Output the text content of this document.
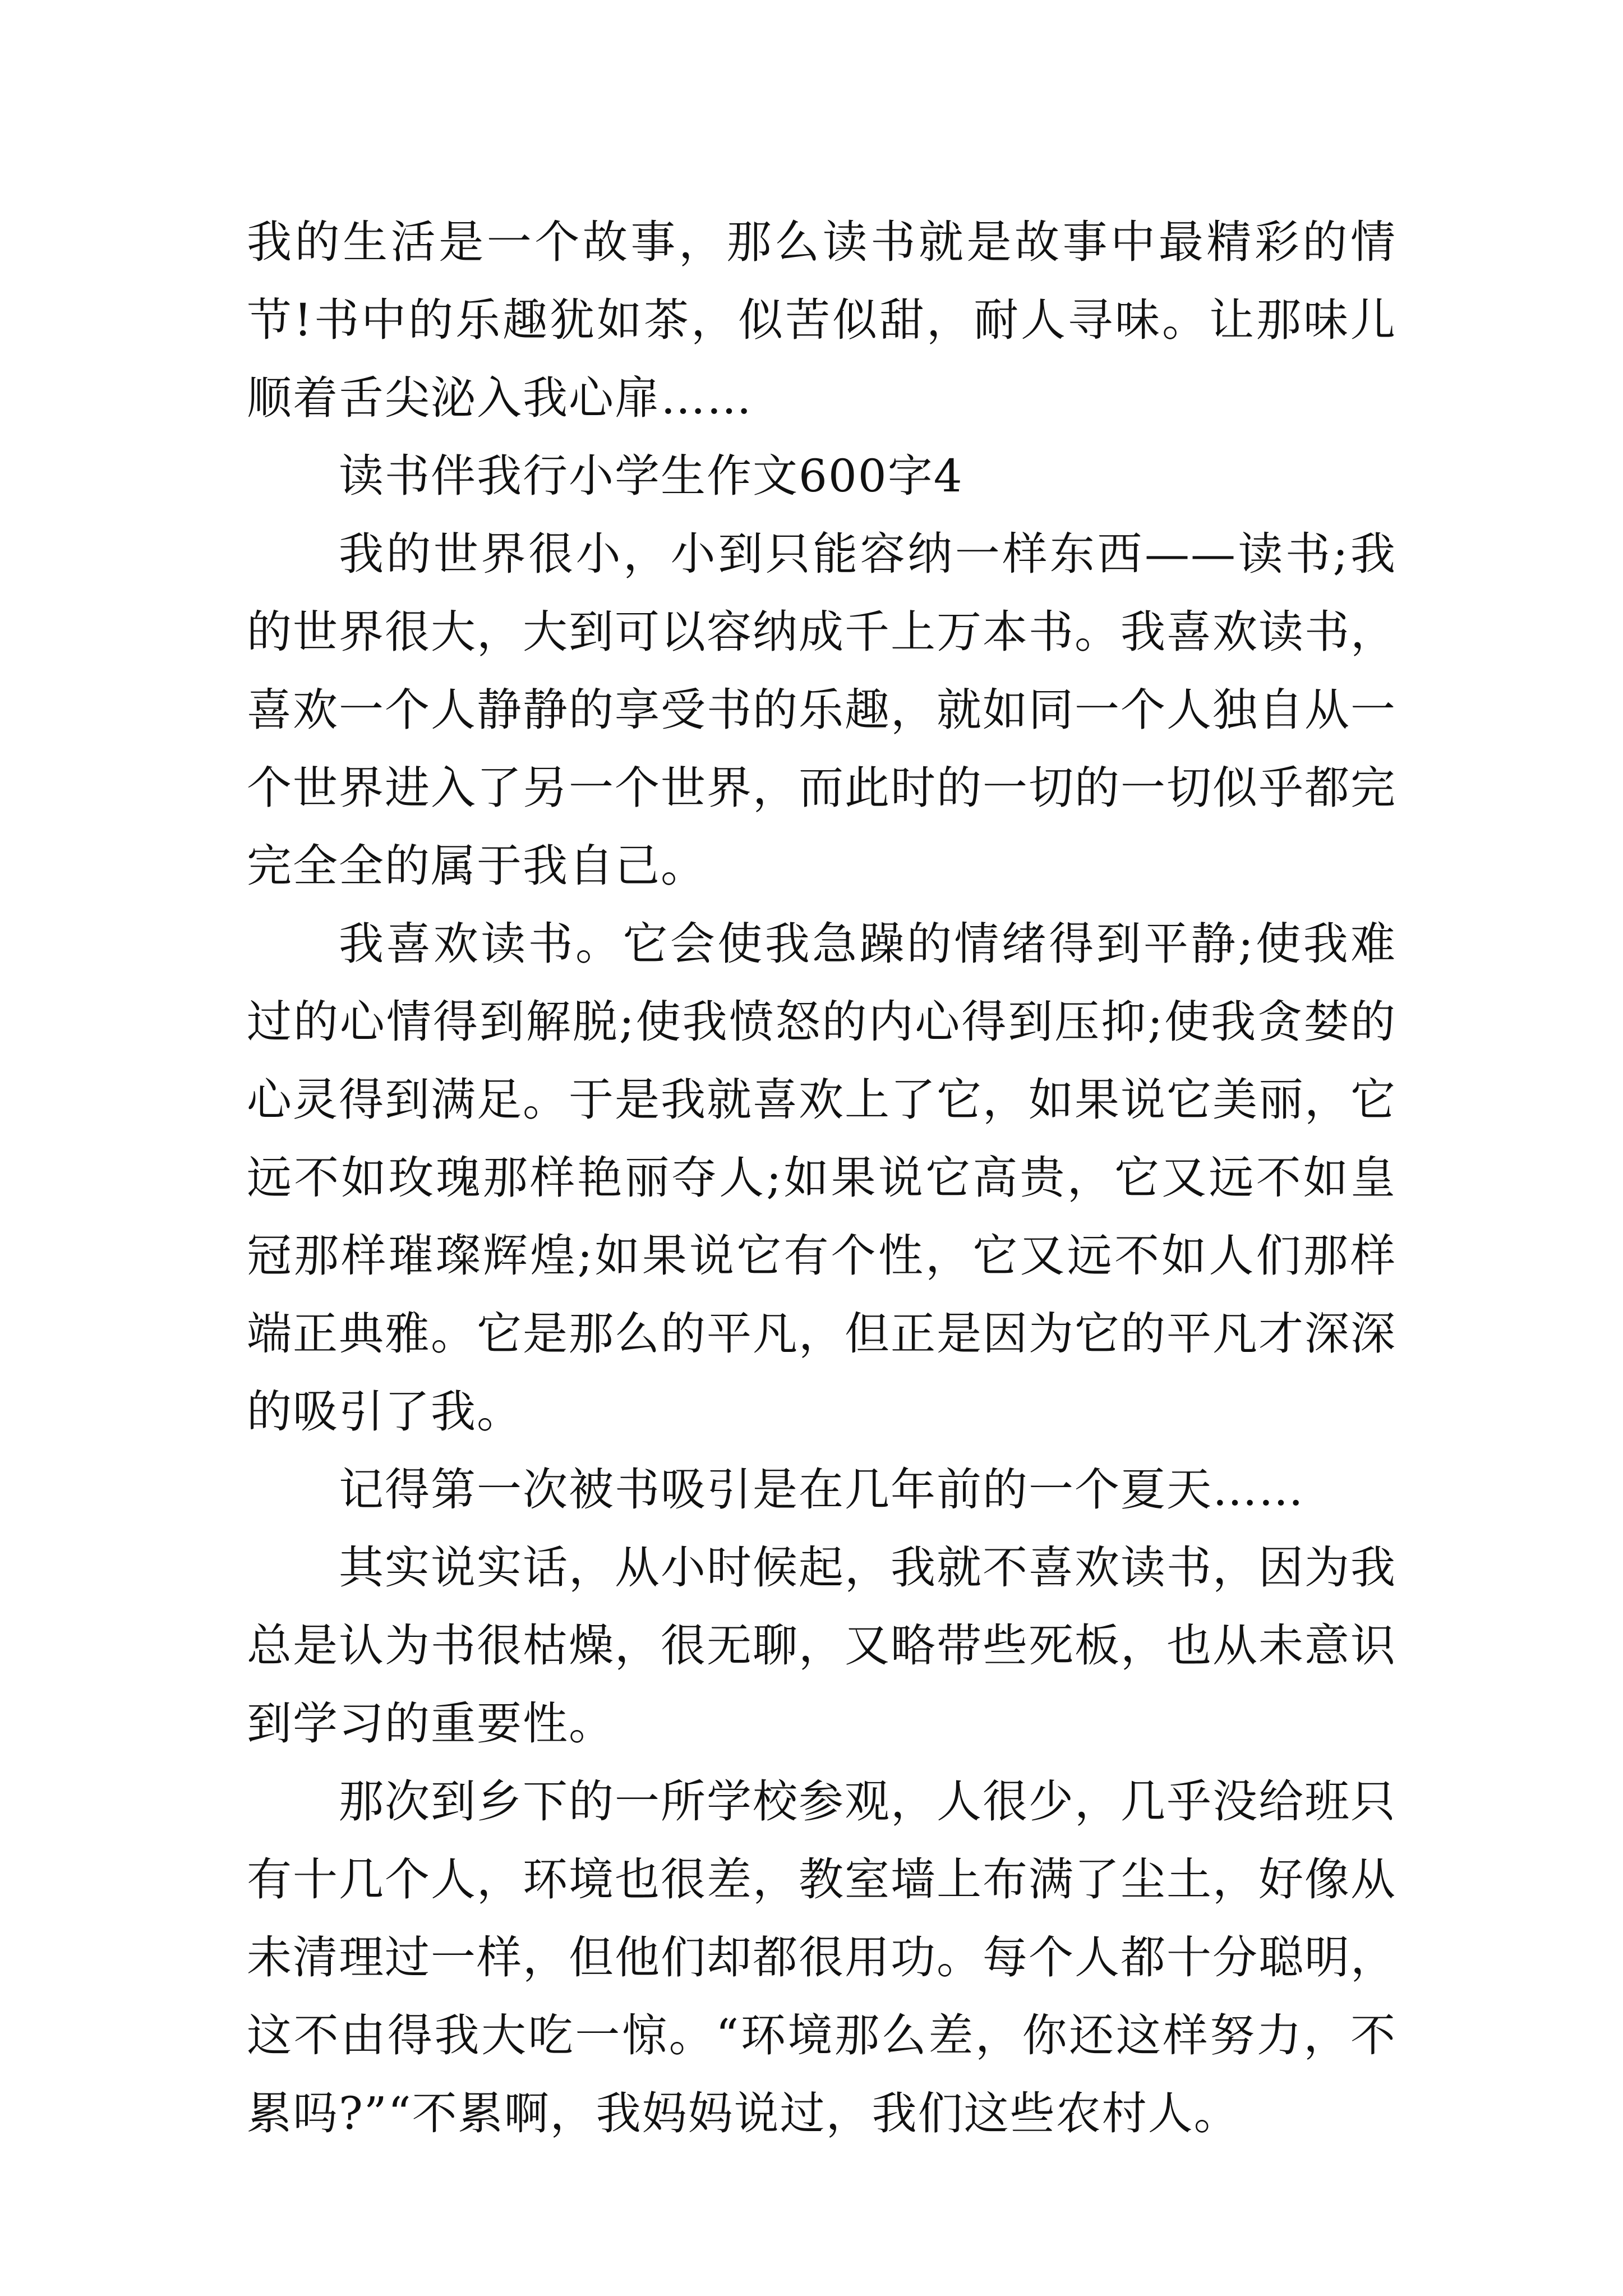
我的生活是一个故事，那么读书就是故事中最精彩的情节!书中的乐趣犹如茶，似苦似甜，耐人寻味。让那味儿顺着舌尖泌入我心扉……

读书伴我行小学生作文600字4

我的世界很小，小到只能容纳一样东西——读书;我的世界很大，大到可以容纳成千上万本书。我喜欢读书，喜欢一个人静静的享受书的乐趣，就如同一个人独自从一个世界进入了另一个世界，而此时的一切的一切似乎都完完全全的属于我自己。

我喜欢读书。它会使我急躁的情绪得到平静;使我难过的心情得到解脱;使我愤怒的内心得到压抑;使我贪婪的心灵得到满足。于是我就喜欢上了它，如果说它美丽，它远不如玫瑰那样艳丽夺人;如果说它高贵，它又远不如皇冠那样璀璨辉煌;如果说它有个性，它又远不如人们那样端正典雅。它是那么的平凡，但正是因为它的平凡才深深的吸引了我。

记得第一次被书吸引是在几年前的一个夏天……

其实说实话，从小时候起，我就不喜欢读书，因为我总是认为书很枯燥，很无聊，又略带些死板，也从未意识到学习的重要性。

那次到乡下的一所学校参观，人很少，几乎没给班只有十几个人，环境也很差，教室墙上布满了尘土，好像从未清理过一样，但他们却都很用功。每个人都十分聪明，这不由得我大吃一惊。“环境那么差，你还这样努力，不累吗?”“不累啊，我妈妈说过，我们这些农村人。
